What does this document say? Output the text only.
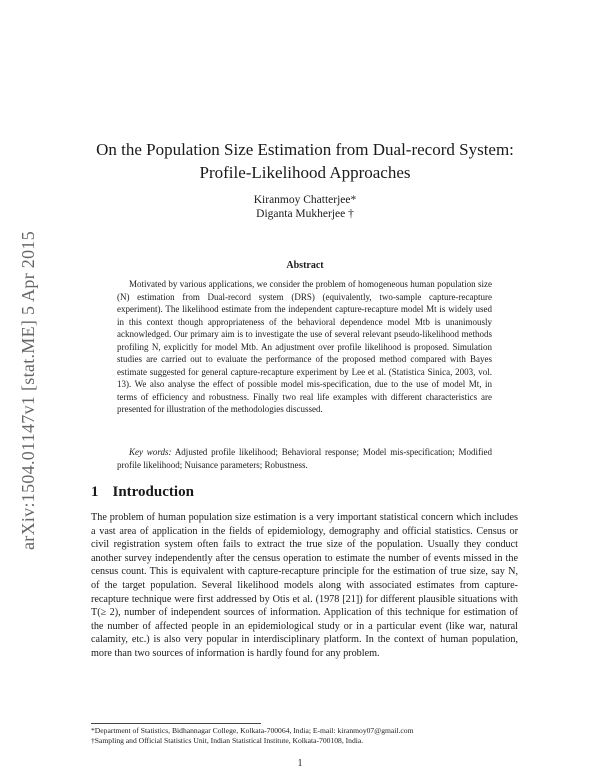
arXiv:1504.01147v1 [stat.ME] 5 Apr 2015
On the Population Size Estimation from Dual-record System:
Profile-Likelihood Approaches
Kiranmoy Chatterjee*
Diganta Mukherjee †
Abstract

Motivated by various applications, we consider the problem of homogeneous human population size (N) estimation from Dual-record system (DRS) (equivalently, two-sample capture-recapture experiment). The likelihood estimate from the independent capture-recapture model Mt is widely used in this context though appropriateness of the behavioral dependence model Mtb is unanimously acknowledged. Our primary aim is to investigate the use of several relevant pseudo-likelihood methods profiling N, explicitly for model Mtb. An adjustment over profile likelihood is proposed. Simulation studies are carried out to evaluate the performance of the proposed method compared with Bayes estimate suggested for general capture-recapture experiment by Lee et al. (Statistica Sinica, 2003, vol. 13). We also analyse the effect of possible model mis-specification, due to the use of model Mt, in terms of efficiency and robustness. Finally two real life examples with different characteristics are presented for illustration of the methodologies discussed.

Key words: Adjusted profile likelihood; Behavioral response; Model mis-specification; Modified profile likelihood; Nuisance parameters; Robustness.

1 Introduction

The problem of human population size estimation is a very important statistical concern which includes a vast area of application in the fields of epidemiology, demography and official statistics. Census or civil registration system often fails to extract the true size of the population. Usually they conduct another survey independently after the census operation to estimate the number of events missed in the census count. This is equivalent with capture-recapture principle for the estimation of true size, say N, of the target population. Several likelihood models along with associated estimates from capture-recapture technique were first addressed by Otis et al. (1978 [21]) for different plausible situations with T(≥ 2), number of independent sources of information. Application of this technique for estimation of the number of affected people in an epidemiological study or in a particular event (like war, natural calamity, etc.) is also very popular in interdisciplinary platform. In the context of human population, more than two sources of information is hardly found for any problem.

*Department of Statistics, Bidhannagar College, Kolkata-700064, India; E-mail: kiranmoy07@gmail.com

†Sampling and Official Statistics Unit, Indian Statistical Institute, Kolkata-700108, India.

1
